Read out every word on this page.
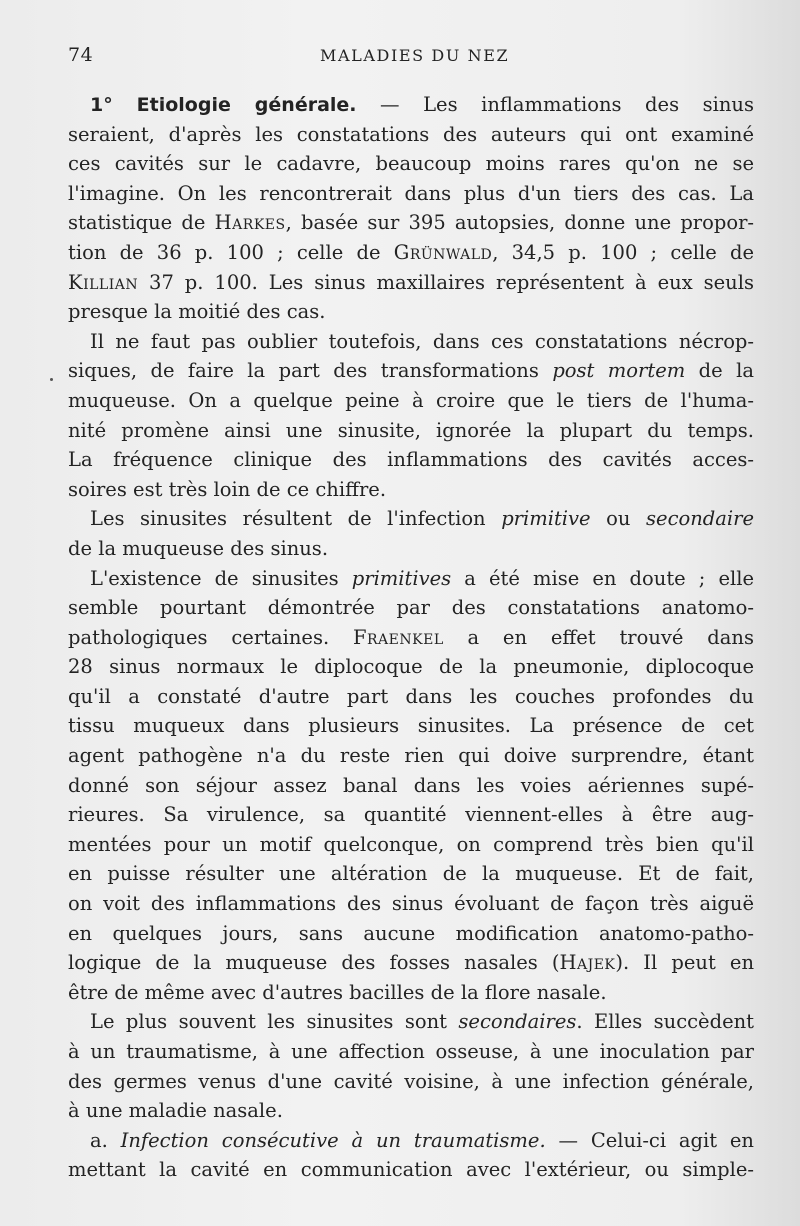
74	MALADIES DU NEZ
1° Etiologie générale. — Les inflammations des sinus
seraient, d'après les constatations des auteurs qui ont examiné
ces cavités sur le cadavre, beaucoup moins rares qu'on ne se
l'imagine. On les rencontrerait dans plus d'un tiers des cas. La
statistique de Harkes, basée sur 395 autopsies, donne une propor-
tion de 36 p. 100 ; celle de Grünwald, 34,5 p. 100 ; celle de
Killian 37 p. 100. Les sinus maxillaires représentent à eux seuls
presque la moitié des cas.
Il ne faut pas oublier toutefois, dans ces constatations nécrop-
siques, de faire la part des transformations post mortem de la
muqueuse. On a quelque peine à croire que le tiers de l'huma-
nité promène ainsi une sinusite, ignorée la plupart du temps.
La fréquence clinique des inflammations des cavités acces-
soires est très loin de ce chiffre.
Les sinusites résultent de l'infection primitive ou secondaire
de la muqueuse des sinus.
L'existence de sinusites primitives a été mise en doute ; elle
semble pourtant démontrée par des constatations anatomo-
pathologiques certaines. Fraenkel a en effet trouvé dans
28 sinus normaux le diplocoque de la pneumonie, diplocoque
qu'il a constaté d'autre part dans les couches profondes du
tissu muqueux dans plusieurs sinusites. La présence de cet
agent pathogène n'a du reste rien qui doive surprendre, étant
donné son séjour assez banal dans les voies aériennes supé-
rieures. Sa virulence, sa quantité viennent-elles à être aug-
mentées pour un motif quelconque, on comprend très bien qu'il
en puisse résulter une altération de la muqueuse. Et de fait,
on voit des inflammations des sinus évoluant de façon très aiguë
en quelques jours, sans aucune modification anatomo-patho-
logique de la muqueuse des fosses nasales (Hajek). Il peut en
être de même avec d'autres bacilles de la flore nasale.
Le plus souvent les sinusites sont secondaires. Elles succèdent
à un traumatisme, à une affection osseuse, à une inoculation par
des germes venus d'une cavité voisine, à une infection générale,
à une maladie nasale.
a. Infection consécutive à un traumatisme. — Celui-ci agit en
mettant la cavité en communication avec l'extérieur, ou simple-
